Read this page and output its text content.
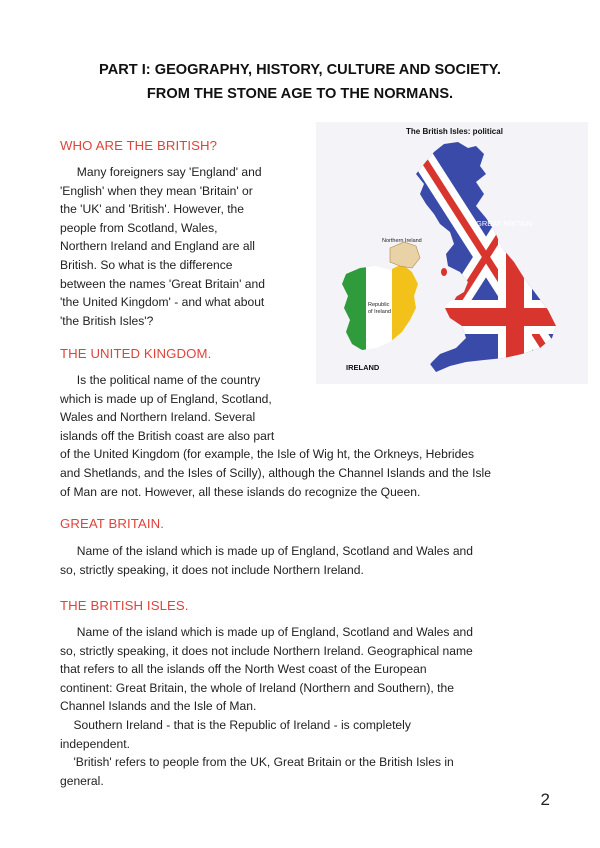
PART I: GEOGRAPHY, HISTORY, CULTURE AND SOCIETY.
FROM THE STONE AGE TO THE NORMANS.
WHO ARE THE BRITISH?
Many foreigners say 'England' and
'English' when they mean 'Britain' or
the 'UK' and 'British'. However, the
people from Scotland, Wales,
Northern Ireland and England are all
British. So what is the difference
between the names 'Great Britain' and
'the United Kingdom' - and what about
'the British Isles'?
THE UNITED KINGDOM.
Is the political name of the country
which is made up of England, Scotland,
Wales and Northern Ireland. Several
islands off the British coast are also part
of the United Kingdom (for example, the Isle of Wig ht, the Orkneys, Hebrides
and Shetlands, and the Isles of Scilly), although the Channel Islands and the Isle
of Man are not. However, all these islands do recognize the Queen.
GREAT BRITAIN.
Name of the island which is made up of England, Scotland and Wales and
so, strictly speaking, it does not include Northern Ireland.
THE BRITISH ISLES.
Name of the island which is made up of England, Scotland and Wales and
so, strictly speaking, it does not include Northern Ireland. Geographical name
that refers to all the islands off the North West coast of the European
continent: Great Britain, the whole of Ireland (Northern and Southern), the
Channel Islands and the Isle of Man.
Southern Ireland - that is the Republic of Ireland - is completely
independent.
'British' refers to people from the UK, Great Britain or the British Isles in
general.
The British Isles: political
GREAT BRITAIN
Republic
of Ireland
Northern Ireland
IRELAND
2
